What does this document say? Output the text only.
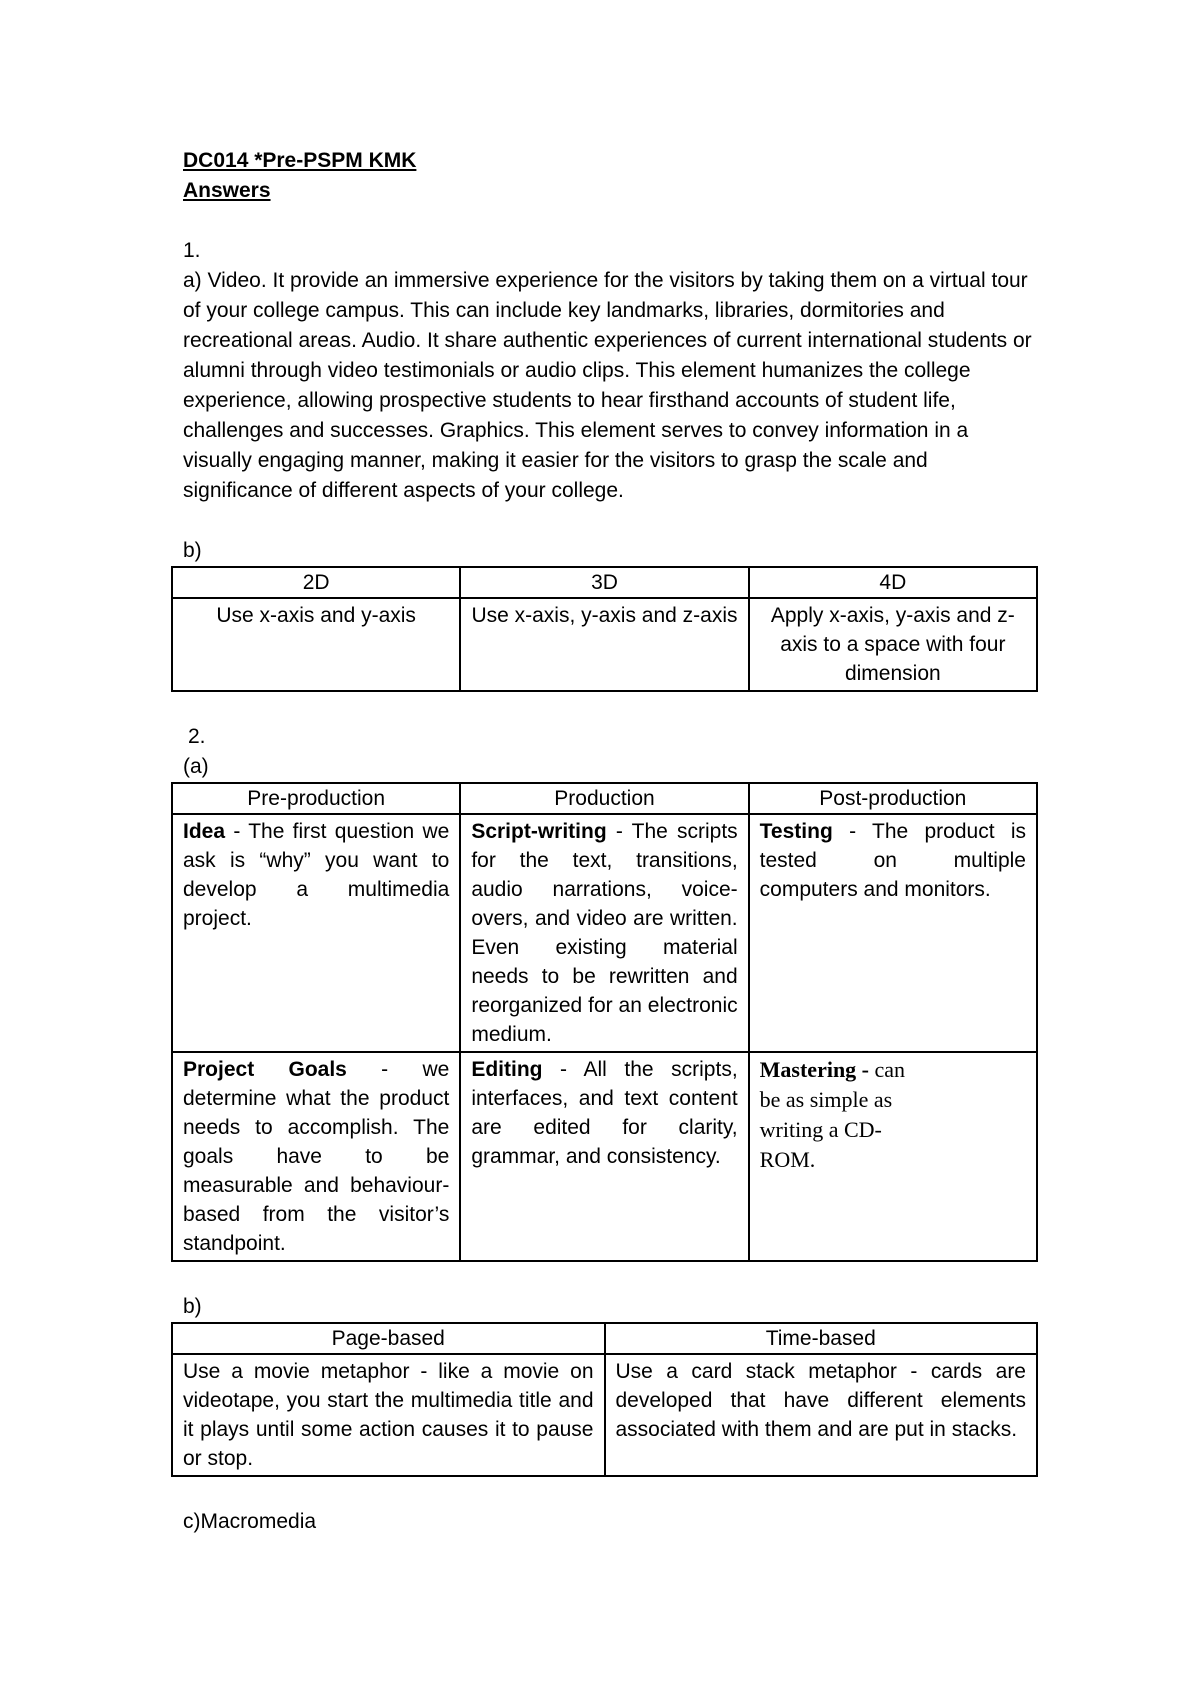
DC014 *Pre-PSPM KMK

Answers

1.

a) Video. It provide an immersive experience for the visitors by taking them on a virtual tour of your college campus. This can include key landmarks, libraries, dormitories and recreational areas. Audio. It share authentic experiences of current international students or alumni through video testimonials or audio clips. This element humanizes the college experience, allowing prospective students to hear firsthand accounts of student life, challenges and successes. Graphics. This element serves to convey information in a visually engaging manner, making it easier for the visitors to grasp the scale and significance of different aspects of your college.

b)

2D	3D	4D
Use x-axis and y-axis	Use x-axis, y-axis and z-axis	Apply x-axis, y-axis and z-axis to a space with four dimension

2.

(a)

Pre-production	Production	Post-production
Idea - The first question we ask is “why” you want to develop a multimedia project.	Script-writing - The scripts for the text, transitions, audio narrations, voice-overs, and video are written. Even existing material needs to be rewritten and reorganized for an electronic medium.	Testing - The product is tested on multiple computers and monitors.
Project Goals - we determine what the product needs to accomplish. The goals have to be measurable and behaviour-based from the visitor’s standpoint.	Editing - All the scripts, interfaces, and text content are edited for clarity, grammar, and consistency.	Mastering - can be as simple as writing a CD-ROM.

b)

Page-based	Time-based
Use a movie metaphor - like a movie on videotape, you start the multimedia title and it plays until some action causes it to pause or stop.	Use a card stack metaphor - cards are developed that have different elements associated with them and are put in stacks.

c)Macromedia
